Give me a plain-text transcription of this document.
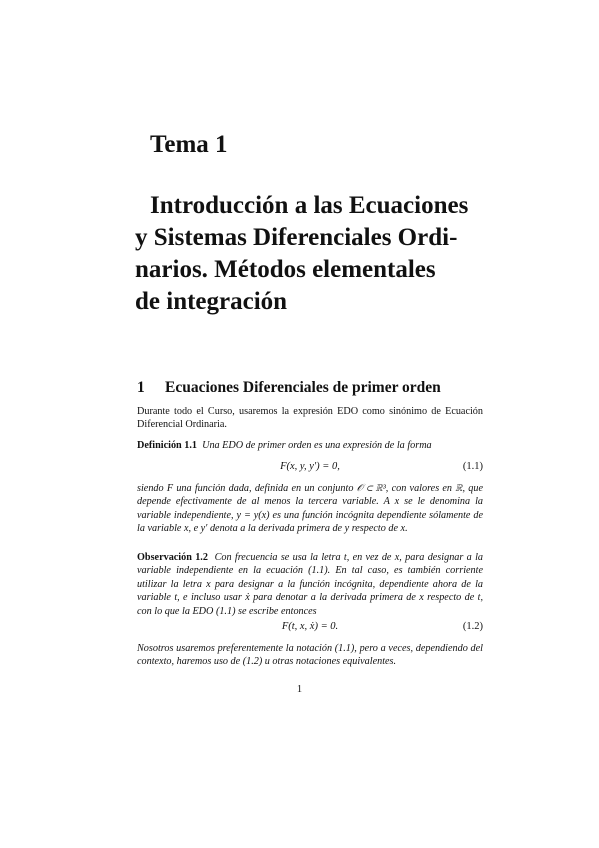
Tema 1
Introducción a las Ecuaciones
y Sistemas Diferenciales Ordi-
narios. Métodos elementales
de integración
1 Ecuaciones Diferenciales de primer orden
Durante todo el Curso, usaremos la expresión EDO como sinónimo de Ecuación Diferencial Ordinaria.
Definición 1.1 Una EDO de primer orden es una expresión de la forma
F(x, y, y′) = 0,	(1.1)
siendo F una función dada, definida en un conjunto 𝒪 ⊂ ℝ³, con valores en ℝ, que depende efectivamente de al menos la tercera variable. A x se le denomina la variable independiente, y = y(x) es una función incógnita dependiente sólamente de la variable x, e y′ denota a la derivada primera de y respecto de x.
Observación 1.2 Con frecuencia se usa la letra t, en vez de x, para designar a la variable independiente en la ecuación (1.1). En tal caso, es también corriente utilizar la letra x para designar a la función incógnita, dependiente ahora de la variable t, e incluso usar ẋ para denotar a la derivada primera de x respecto de t, con lo que la EDO (1.1) se escribe entonces
F(t, x, ẋ) = 0.	(1.2)
Nosotros usaremos preferentemente la notación (1.1), pero a veces, dependiendo del contexto, haremos uso de (1.2) u otras notaciones equivalentes.
1
